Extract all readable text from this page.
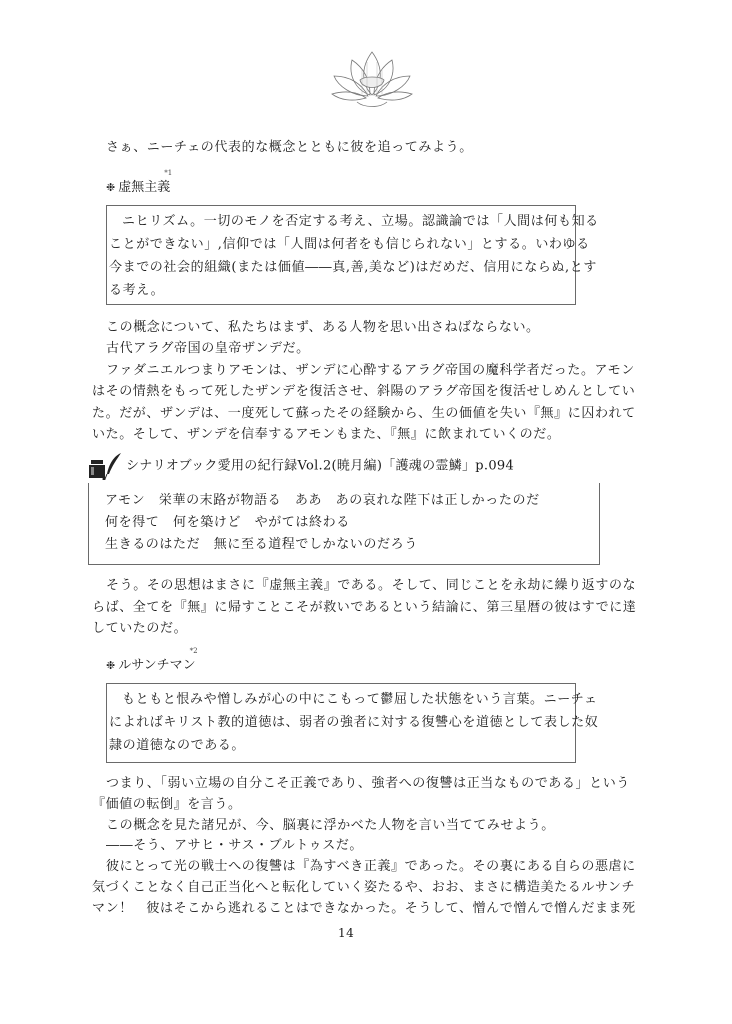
さぁ、ニーチェの代表的な概念とともに彼を追ってみよう。
❉ 虚無主義
*1
ニヒリズム。一切のモノを否定する考え、立場。認識論では「人間は何も知る
ことができない」,信仰では「人間は何者をも信じられない」とする。いわゆる
今までの社会的組織(または価値――真,善,美など)はだめだ、信用にならぬ,とす
る考え。
この概念について、私たちはまず、ある人物を思い出さねばならない。
古代アラグ帝国の皇帝ザンデだ。
ファダニエルつまりアモンは、ザンデに心酔するアラグ帝国の魔科学者だった。アモン
はその情熱をもって死したザンデを復活させ、斜陽のアラグ帝国を復活せしめんとしてい
た。だが、ザンデは、一度死して蘇ったその経験から、生の価値を失い『無』に囚われて
いた。そして、ザンデを信奉するアモンもまた、『無』に飲まれていくのだ。
シナリオブック愛用の紀行録Vol.2(暁月編)「護魂の霊鱗」p.094
アモン　栄華の末路が物語る　ああ　あの哀れな陛下は正しかったのだ
何を得て　何を築けど　やがては終わる
生きるのはただ　無に至る道程でしかないのだろう
そう。その思想はまさに『虚無主義』である。そして、同じことを永劫に繰り返すのな
らば、全てを『無』に帰すことこそが救いであるという結論に、第三星暦の彼はすでに達
していたのだ。
❉ ルサンチマン
*2
もともと恨みや憎しみが心の中にこもって鬱屈した状態をいう言葉。ニーチェ
によればキリスト教的道徳は、弱者の強者に対する復讐心を道徳として表した奴
隷の道徳なのである。
つまり、「弱い立場の自分こそ正義であり、強者への復讐は正当なものである」という
『価値の転倒』を言う。
この概念を見た諸兄が、今、脳裏に浮かべた人物を言い当ててみせよう。
――そう、アサヒ・サス・ブルトゥスだ。
彼にとって光の戦士への復讐は『為すべき正義』であった。その裏にある自らの悪虐に
気づくことなく自己正当化へと転化していく姿たるや、おお、まさに構造美たるルサンチ
マン！　彼はそこから逃れることはできなかった。そうして、憎んで憎んで憎んだまま死
14
